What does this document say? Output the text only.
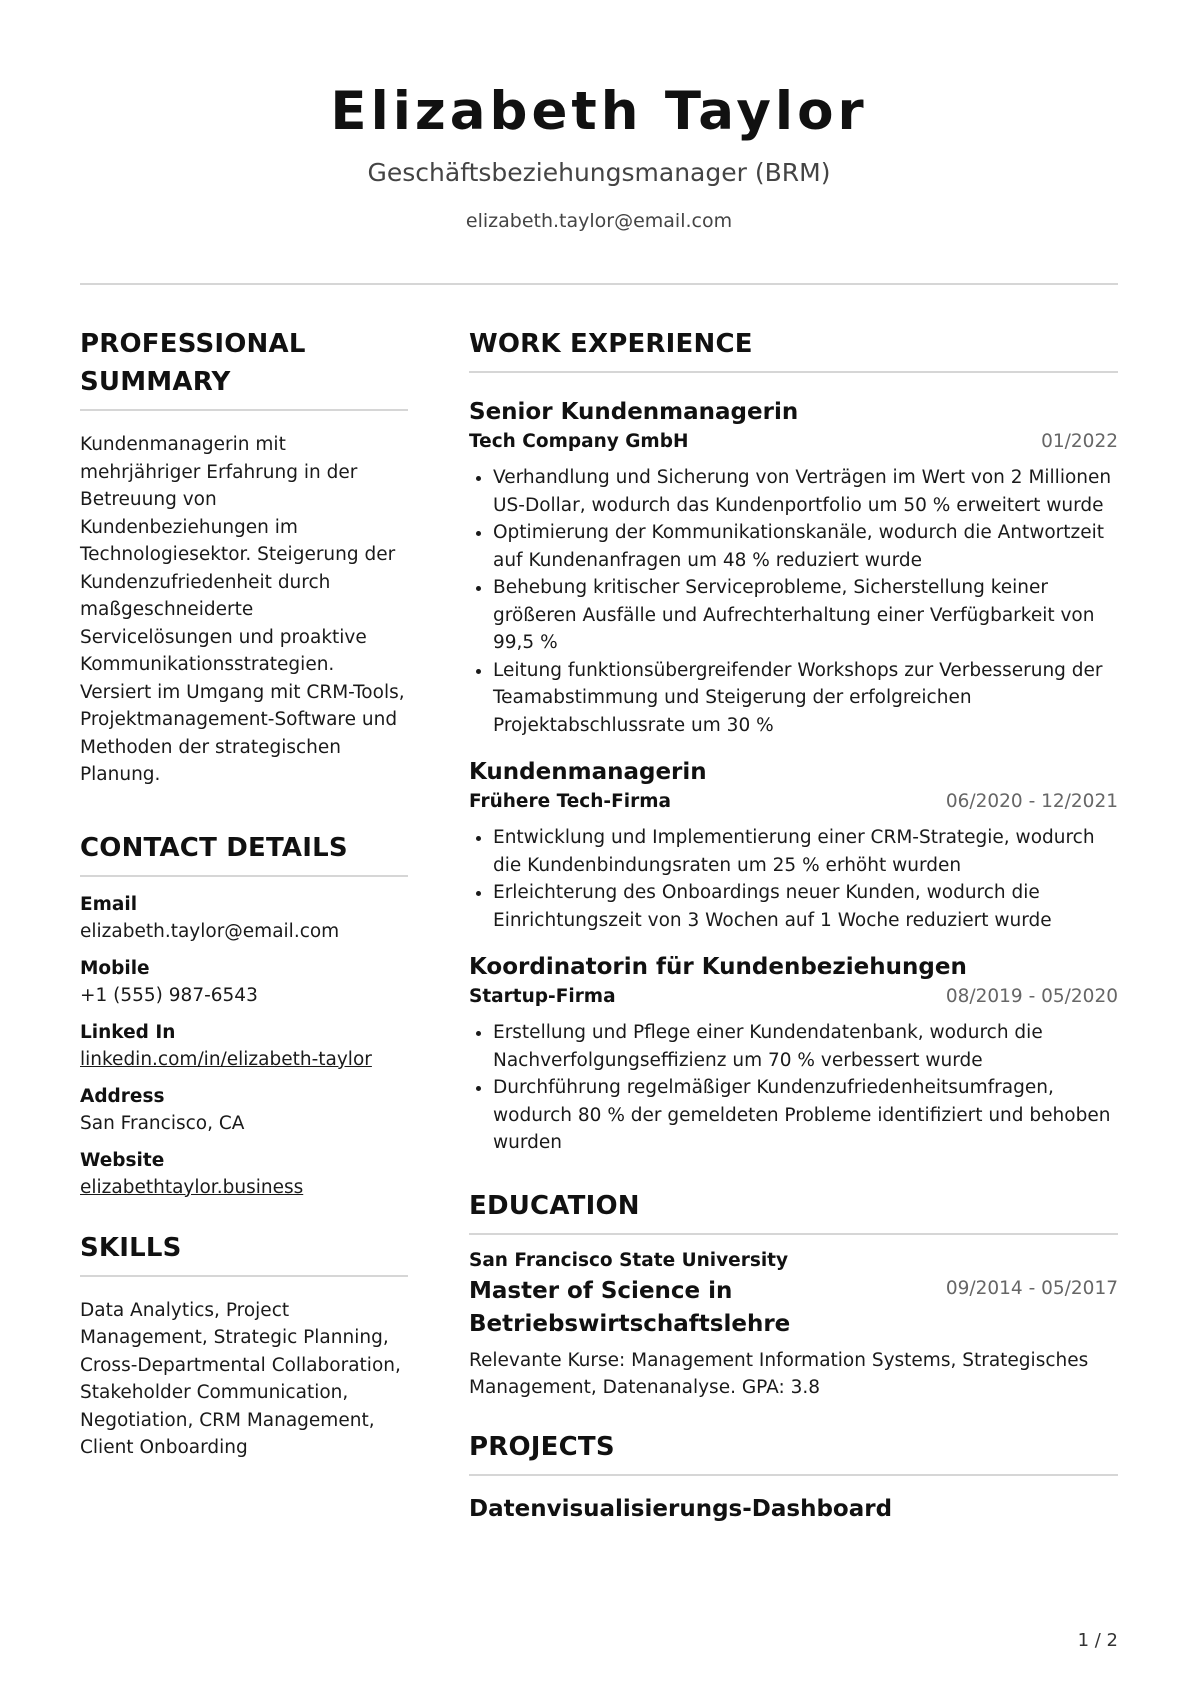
Elizabeth Taylor
Geschäftsbeziehungsmanager (BRM)
elizabeth.taylor@email.com
PROFESSIONAL SUMMARY
Kundenmanagerin mit mehrjähriger Erfahrung in der Betreuung von Kundenbeziehungen im Technologiesektor. Steigerung der Kundenzufriedenheit durch maßgeschneiderte Servicelösungen und proaktive Kommunikationsstrategien. Versiert im Umgang mit CRM-Tools, Projektmanagement-Software und Methoden der strategischen Planung.
CONTACT DETAILS
Email
elizabeth.taylor@email.com
Mobile
+1 (555) 987-6543
Linked In
linkedin.com/in/elizabeth-taylor
Address
San Francisco, CA
Website
elizabethtaylor.business
SKILLS
Data Analytics, Project Management, Strategic Planning, Cross-Departmental Collaboration, Stakeholder Communication, Negotiation, CRM Management, Client Onboarding
WORK EXPERIENCE
Senior Kundenmanagerin
Tech Company GmbH	01/2022
• Verhandlung und Sicherung von Verträgen im Wert von 2 Millionen US-Dollar, wodurch das Kundenportfolio um 50 % erweitert wurde
• Optimierung der Kommunikationskanäle, wodurch die Antwortzeit auf Kundenanfragen um 48 % reduziert wurde
• Behebung kritischer Serviceprobleme, Sicherstellung keiner größeren Ausfälle und Aufrechterhaltung einer Verfügbarkeit von 99,5 %
• Leitung funktionsübergreifender Workshops zur Verbesserung der Teamabstimmung und Steigerung der erfolgreichen Projektabschlussrate um 30 %
Kundenmanagerin
Frühere Tech-Firma	06/2020 - 12/2021
• Entwicklung und Implementierung einer CRM-Strategie, wodurch die Kundenbindungsraten um 25 % erhöht wurden
• Erleichterung des Onboardings neuer Kunden, wodurch die Einrichtungszeit von 3 Wochen auf 1 Woche reduziert wurde
Koordinatorin für Kundenbeziehungen
Startup-Firma	08/2019 - 05/2020
• Erstellung und Pflege einer Kundendatenbank, wodurch die Nachverfolgungseffizienz um 70 % verbessert wurde
• Durchführung regelmäßiger Kundenzufriedenheitsumfragen, wodurch 80 % der gemeldeten Probleme identifiziert und behoben wurden
EDUCATION
San Francisco State University
Master of Science in Betriebswirtschaftslehre
09/2014 - 05/2017
Relevante Kurse: Management Information Systems, Strategisches Management, Datenanalyse. GPA: 3.8
PROJECTS
Datenvisualisierungs-Dashboard
1 / 2
